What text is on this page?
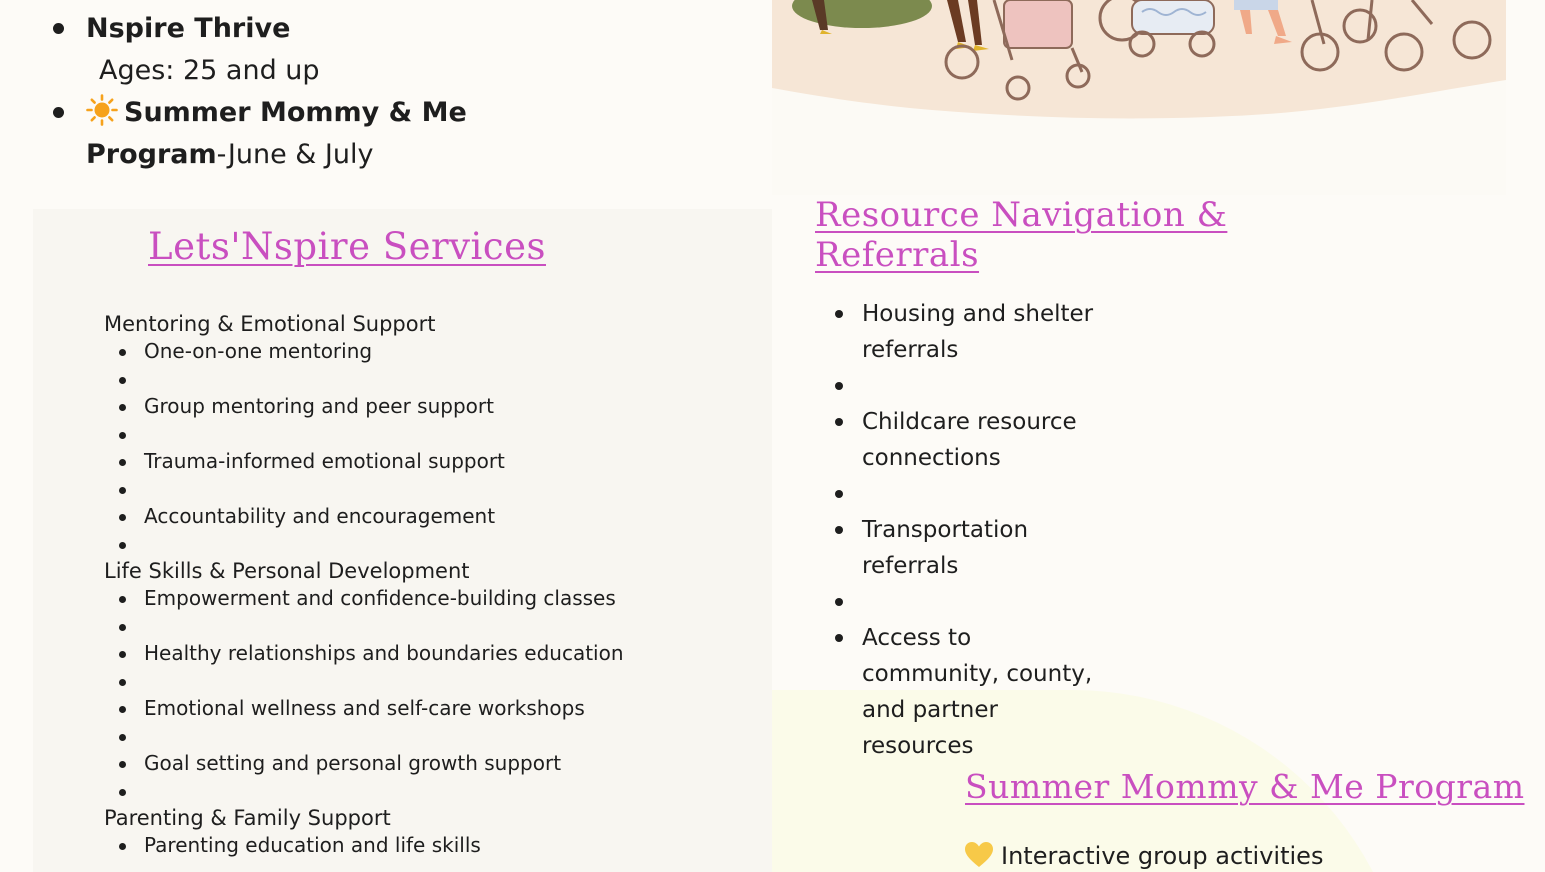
Nspire Thrive
Ages: 25 and up
Summer Mommy & Me
Program-June & July
Lets'Nspire Services
Mentoring & Emotional Support
One-on-one mentoring
Group mentoring and peer support
Trauma-informed emotional support
Accountability and encouragement
Life Skills & Personal Development
Empowerment and confidence-building classes
Healthy relationships and boundaries education
Emotional wellness and self-care workshops
Goal setting and personal growth support
Parenting & Family Support
Parenting education and life skills
Resource Navigation &
Referrals
Housing and shelter
referrals
Childcare resource
connections
Transportation
referrals
Access to
community, county,
and partner
resources
Summer Mommy & Me Program
Interactive group activities
